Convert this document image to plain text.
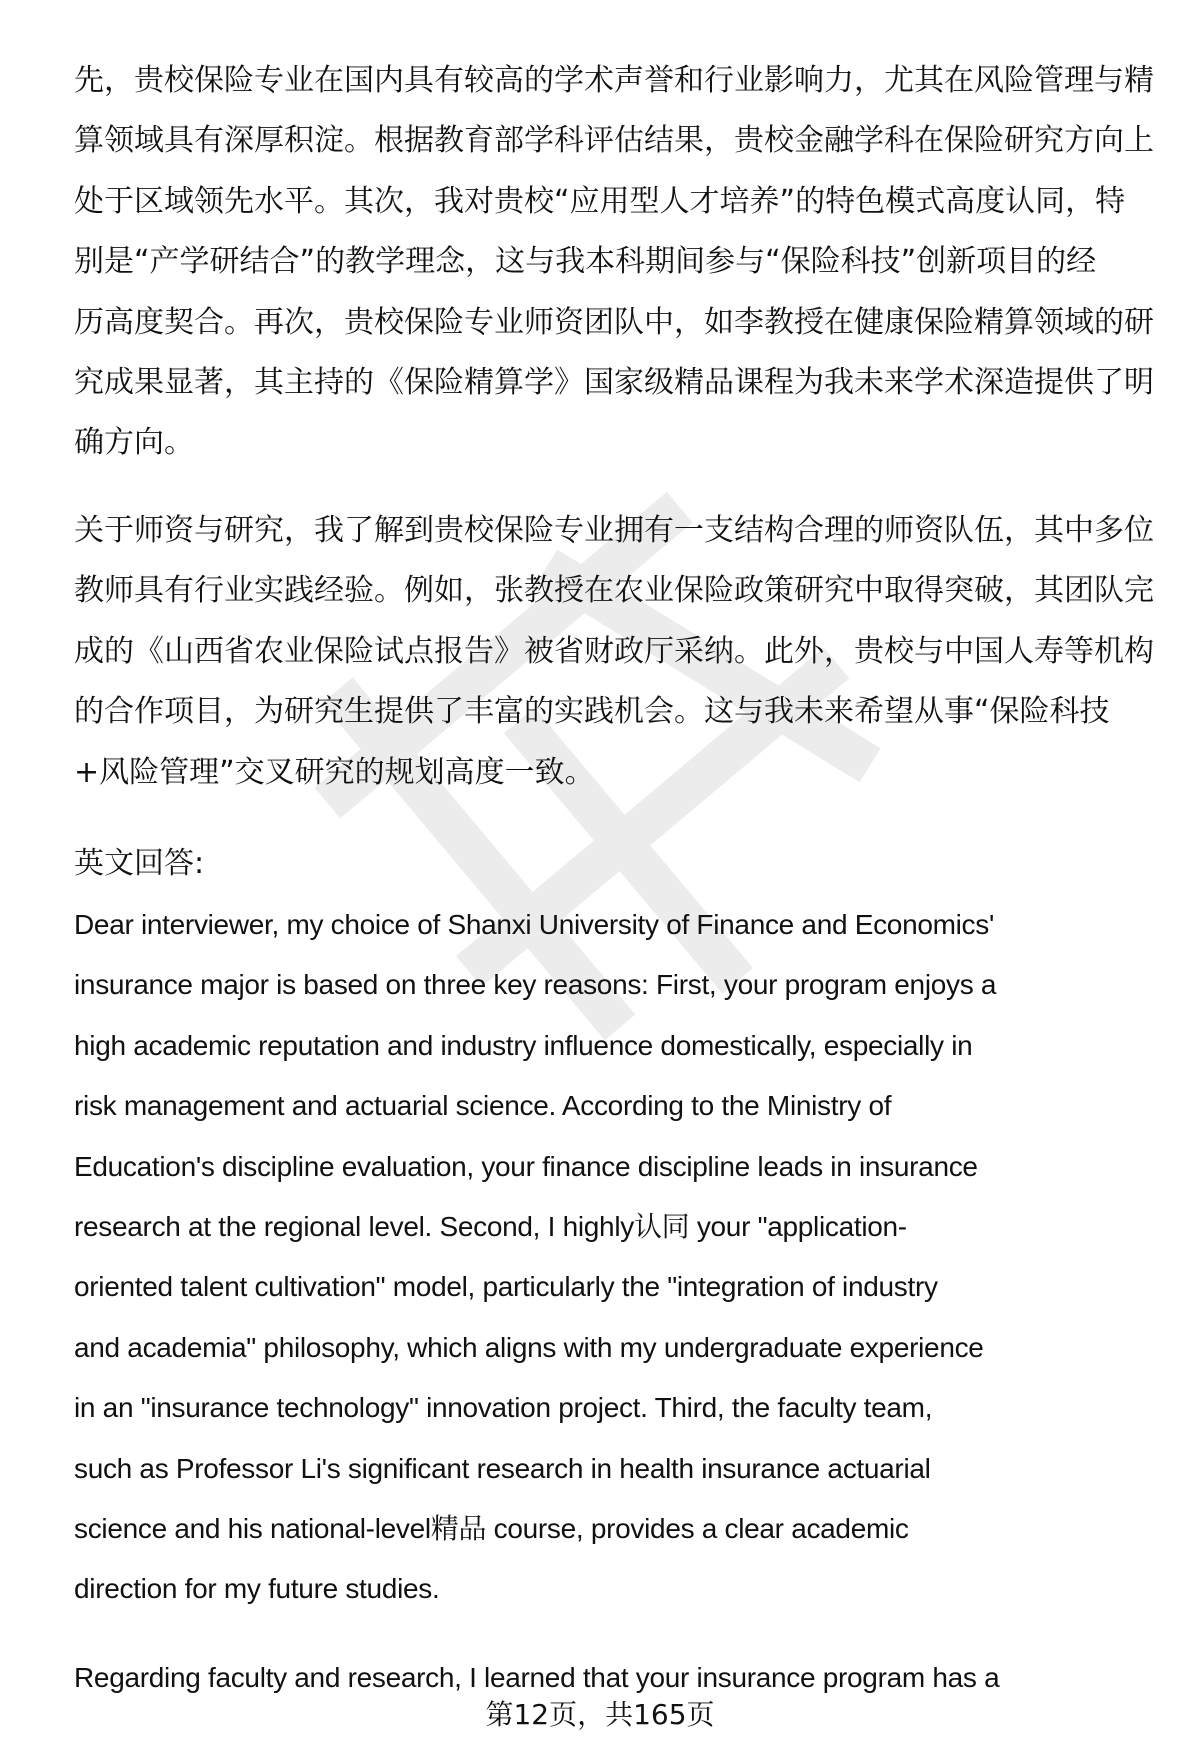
先，贵校保险专业在国内具有较高的学术声誉和行业影响力，尤其在风险管理与精
算领域具有深厚积淀。根据教育部学科评估结果，贵校金融学科在保险研究方向上
处于区域领先水平。其次，我对贵校“应用型人才培养”的特色模式高度认同，特
别是“产学研结合”的教学理念，这与我本科期间参与“保险科技”创新项目的经
历高度契合。再次，贵校保险专业师资团队中，如李教授在健康保险精算领域的研
究成果显著，其主持的《保险精算学》国家级精品课程为我未来学术深造提供了明
确方向。
关于师资与研究，我了解到贵校保险专业拥有一支结构合理的师资队伍，其中多位
教师具有行业实践经验。例如，张教授在农业保险政策研究中取得突破，其团队完
成的《山西省农业保险试点报告》被省财政厅采纳。此外，贵校与中国人寿等机构
的合作项目，为研究生提供了丰富的实践机会。这与我未来希望从事“保险科技
+风险管理”交叉研究的规划高度一致。
英文回答:
Dear interviewer, my choice of Shanxi University of Finance and Economics'
insurance major is based on three key reasons: First, your program enjoys a
high academic reputation and industry influence domestically, especially in
risk management and actuarial science. According to the Ministry of
Education's discipline evaluation, your finance discipline leads in insurance
research at the regional level. Second, I highly认同 your "application-
oriented talent cultivation" model, particularly the "integration of industry
and academia" philosophy, which aligns with my undergraduate experience
in an "insurance technology" innovation project. Third, the faculty team,
such as Professor Li's significant research in health insurance actuarial
science and his national-level精品 course, provides a clear academic
direction for my future studies.
Regarding faculty and research, I learned that your insurance program has a
第12页，共165页
